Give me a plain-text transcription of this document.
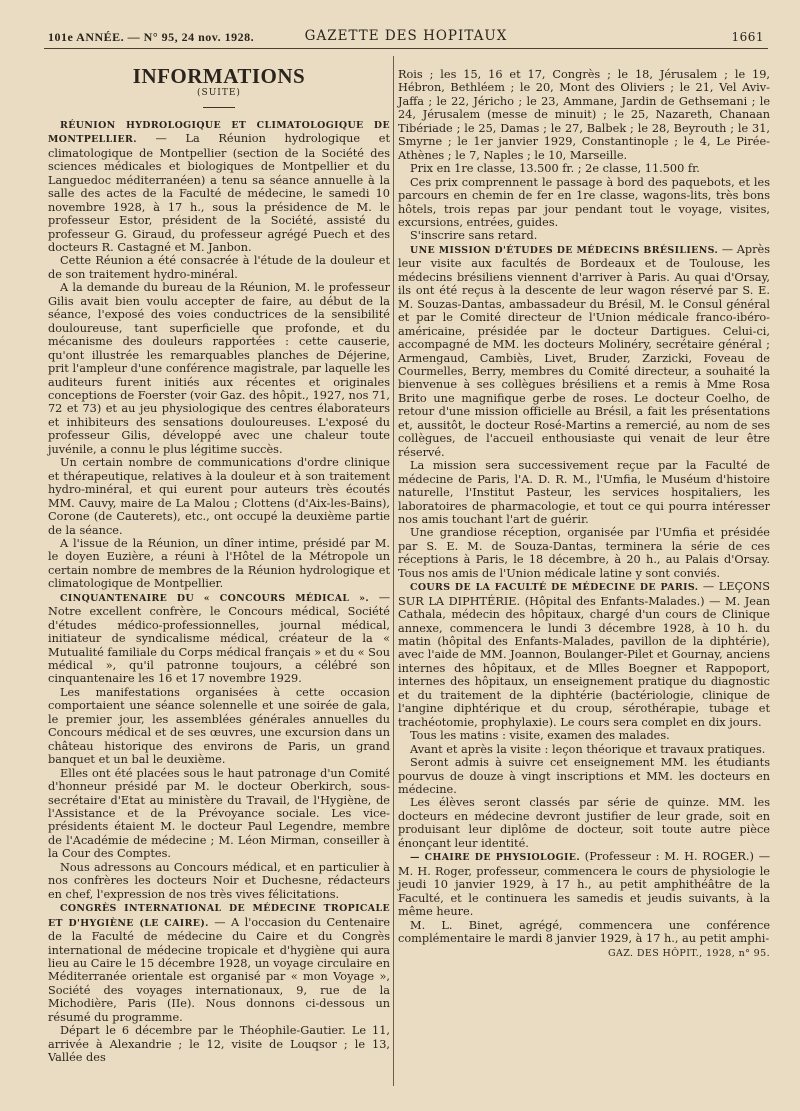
101e ANNÉE. — N° 95, 24 nov. 1928.	GAZETTE DES HOPITAUX	1661
INFORMATIONS
(SUITE)

RÉUNION HYDROLOGIQUE ET CLIMATOLOGIQUE DE MONTPELLIER. — La Réunion hydrologique et climatologique de Montpellier (section de la Société des sciences médicales et biologiques de Montpellier et du Languedoc méditerranéen) a tenu sa séance annuelle à la salle des actes de la Faculté de médecine, le samedi 10 novembre 1928, à 17 h., sous la présidence de M. le professeur Estor, président de la Société, assisté du professeur G. Giraud, du professeur agrégé Puech et des docteurs R. Castagné et M. Janbon.

Cette Réunion a été consacrée à l'étude de la douleur et de son traitement hydro-minéral.

A la demande du bureau de la Réunion, M. le professeur Gilis avait bien voulu accepter de faire, au début de la séance, l'exposé des voies conductrices de la sensibilité douloureuse, tant superficielle que profonde, et du mécanisme des douleurs rapportées : cette causerie, qu'ont illustrée les remarquables planches de Déjerine, prit l'ampleur d'une conférence magistrale, par laquelle les auditeurs furent initiés aux récentes et originales conceptions de Foerster (voir Gaz. des hôpit., 1927, nos 71, 72 et 73) et au jeu physiologique des centres élaborateurs et inhibiteurs des sensations douloureuses. L'exposé du professeur Gilis, développé avec une chaleur toute juvénile, a connu le plus légitime succès.

Un certain nombre de communications d'ordre clinique et thérapeutique, relatives à la douleur et à son traitement hydro-minéral, et qui eurent pour auteurs très écoutés MM. Cauvy, maire de La Malou ; Clottens (d'Aix-les-Bains), Corone (de Cauterets), etc., ont occupé la deuxième partie de la séance.

A l'issue de la Réunion, un dîner intime, présidé par M. le doyen Euzière, a réuni à l'Hôtel de la Métropole un certain nombre de membres de la Réunion hydrologique et climatologique de Montpellier.

CINQUANTENAIRE DU « CONCOURS MÉDICAL ». — Notre excellent confrère, le Concours médical, Société d'études médico-professionnelles, journal médical, initiateur de syndicalisme médical, créateur de la « Mutualité familiale du Corps médical français » et du « Sou médical », qu'il patronne toujours, a célébré son cinquantenaire les 16 et 17 novembre 1929.

Les manifestations organisées à cette occasion comportaient une séance solennelle et une soirée de gala, le premier jour, les assemblées générales annuelles du Concours médical et de ses œuvres, une excursion dans un château historique des environs de Paris, un grand banquet et un bal le deuxième.

Elles ont été placées sous le haut patronage d'un Comité d'honneur présidé par M. le docteur Oberkirch, sous-secrétaire d'Etat au ministère du Travail, de l'Hygiène, de l'Assistance et de la Prévoyance sociale. Les vice-présidents étaient M. le docteur Paul Legendre, membre de l'Académie de médecine ; M. Léon Mirman, conseiller à la Cour des Comptes.

Nous adressons au Concours médical, et en particulier à nos confrères les docteurs Noir et Duchesne, rédacteurs en chef, l'expression de nos très vives félicitations.

CONGRÈS INTERNATIONAL DE MÉDECINE TROPICALE ET D'HYGIÈNE (LE CAIRE). — A l'occasion du Centenaire de la Faculté de médecine du Caire et du Congrès international de médecine tropicale et d'hygiène qui aura lieu au Caire le 15 décembre 1928, un voyage circulaire en Méditerranée orientale est organisé par « mon Voyage », Société des voyages internationaux, 9, rue de la Michodière, Paris (IIe). Nous donnons ci-dessous un résumé du programme.

Départ le 6 décembre par le Théophile-Gautier. Le 11, arrivée à Alexandrie ; le 12, visite de Louqsor ; le 13, Vallée des

Rois ; les 15, 16 et 17, Congrès ; le 18, Jérusalem ; le 19, Hébron, Bethléem ; le 20, Mont des Oliviers ; le 21, Vel Aviv-Jaffa ; le 22, Jéricho ; le 23, Ammane, Jardin de Gethsemani ; le 24, Jérusalem (messe de minuit) ; le 25, Nazareth, Chanaan Tibériade ; le 25, Damas ; le 27, Balbek ; le 28, Beyrouth ; le 31, Smyrne ; le 1er janvier 1929, Constantinople ; le 4, Le Pirée-Athènes ; le 7, Naples ; le 10, Marseille.

Prix en 1re classe, 13.500 fr. ; 2e classe, 11.500 fr.

Ces prix comprennent le passage à bord des paquebots, et les parcours en chemin de fer en 1re classe, wagons-lits, très bons hôtels, trois repas par jour pendant tout le voyage, visites, excursions, entrées, guides.

S'inscrire sans retard.

UNE MISSION D'ÉTUDES DE MÉDECINS BRÉSILIENS. — Après leur visite aux facultés de Bordeaux et de Toulouse, les médecins brésiliens viennent d'arriver à Paris. Au quai d'Orsay, ils ont été reçus à la descente de leur wagon réservé par S. E. M. Souzas-Dantas, ambassadeur du Brésil, M. le Consul général et par le Comité directeur de l'Union médicale franco-ibéro-américaine, présidée par le docteur Dartigues. Celui-ci, accompagné de MM. les docteurs Molinéry, secrétaire général ; Armengaud, Cambiès, Livet, Bruder, Zarzicki, Foveau de Courmelles, Berry, membres du Comité directeur, a souhaité la bienvenue à ses collègues brésiliens et a remis à Mme Rosa Brito une magnifique gerbe de roses. Le docteur Coelho, de retour d'une mission officielle au Brésil, a fait les présentations et, aussitôt, le docteur Rosé-Martins a remercié, au nom de ses collègues, de l'accueil enthousiaste qui venait de leur être réservé.

La mission sera successivement reçue par la Faculté de médecine de Paris, l'A. D. R. M., l'Umfia, le Muséum d'histoire naturelle, l'Institut Pasteur, les services hospitaliers, les laboratoires de pharmacologie, et tout ce qui pourra intéresser nos amis touchant l'art de guérir.

Une grandiose réception, organisée par l'Umfia et présidée par S. E. M. de Souza-Dantas, terminera la série de ces réceptions à Paris, le 18 décembre, à 20 h., au Palais d'Orsay. Tous nos amis de l'Union médicale latine y sont conviés.

COURS DE LA FACULTÉ DE MÉDECINE DE PARIS. — LEÇONS SUR LA DIPHTÉRIE. (Hôpital des Enfants-Malades.) — M. Jean Cathala, médecin des hôpitaux, chargé d'un cours de Clinique annexe, commencera le lundi 3 décembre 1928, à 10 h. du matin (hôpital des Enfants-Malades, pavillon de la diphtérie), avec l'aide de MM. Joannon, Boulanger-Pilet et Gournay, anciens internes des hôpitaux, et de Mlles Boegner et Rappoport, internes des hôpitaux, un enseignement pratique du diagnostic et du traitement de la diphtérie (bactériologie, clinique de l'angine diphtérique et du croup, sérothérapie, tubage et trachéotomie, prophylaxie). Le cours sera complet en dix jours.

Tous les matins : visite, examen des malades.

Avant et après la visite : leçon théorique et travaux pratiques.

Seront admis à suivre cet enseignement MM. les étudiants pourvus de douze à vingt inscriptions et MM. les docteurs en médecine.

Les élèves seront classés par série de quinze. MM. les docteurs en médecine devront justifier de leur grade, soit en produisant leur diplôme de docteur, soit toute autre pièce énonçant leur identité.

— CHAIRE DE PHYSIOLOGIE. (Professeur : M. H. ROGER.) — M. H. Roger, professeur, commencera le cours de physiologie le jeudi 10 janvier 1929, à 17 h., au petit amphithéâtre de la Faculté, et le continuera les samedis et jeudis suivants, à la même heure.

M. L. Binet, agrégé, commencera une conférence complémentaire le mardi 8 janvier 1929, à 17 h., au petit amphi-

GAZ. DES HÔPIT., 1928, n° 95.
